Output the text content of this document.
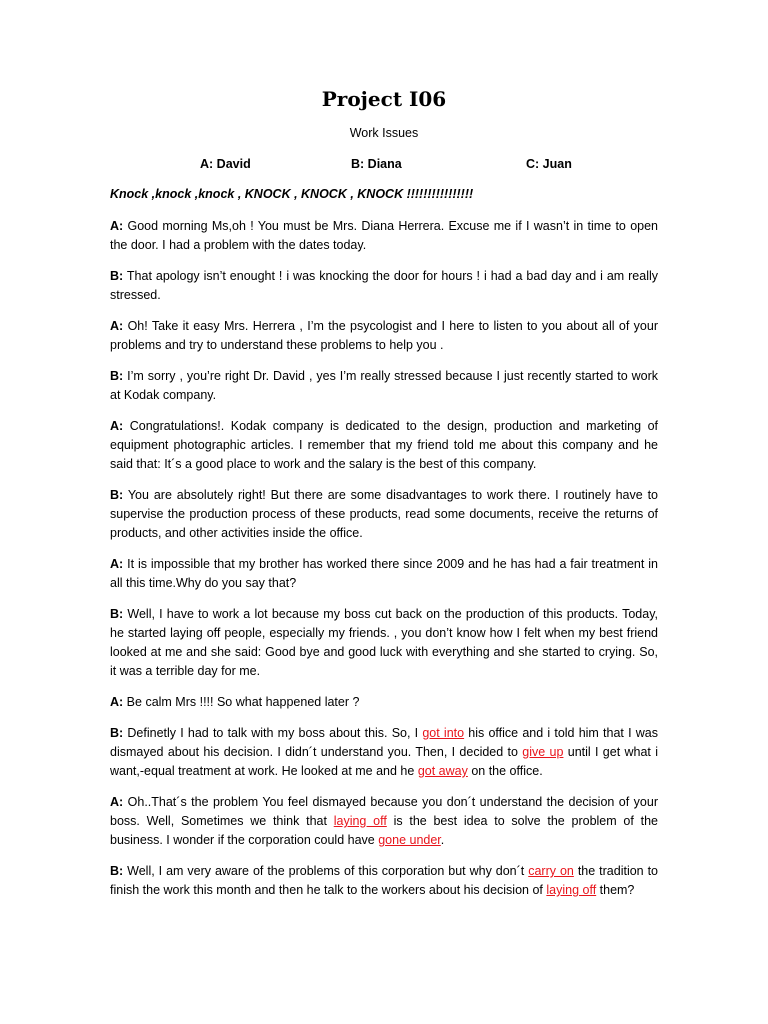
Project I06
Work Issues
A: David	B: Diana	C: Juan

Knock ,knock ,knock , KNOCK , KNOCK , KNOCK !!!!!!!!!!!!!!!!

A: Good morning Ms,oh ! You must be Mrs. Diana Herrera. Excuse me if I wasn’t in time to open the door. I had a problem with the dates today.

B: That apology isn’t enought ! i was knocking the door for hours ! i had a bad day and i am really stressed.

A: Oh! Take it easy Mrs. Herrera , I’m the psycologist and I here to listen to you about all of your problems and try to understand these problems to help you .

B: I’m sorry , you’re right Dr. David , yes I’m really stressed because I just recently started to work at Kodak company.

A: Congratulations!. Kodak company is dedicated to the design, production and marketing of equipment photographic articles. I remember that my friend told me about this company and he said that: It´s a good place to work and the salary is the best of this company.

B: You are absolutely right! But there are some disadvantages to work there. I routinely have to supervise the production process of these products, read some documents, receive the returns of products, and other activities inside the office.

A: It is impossible that my brother has worked there since 2009 and he has had a fair treatment in all this time.Why do you say that?

B: Well, I have to work a lot because my boss cut back on the production of this products. Today, he started laying off people, especially my friends. , you don’t know how I felt when my best friend looked at me and she said: Good bye and good luck with everything and she started to crying. So, it was a terrible day for me.

A: Be calm Mrs !!!! So what happened later ?

B: Definetly I had to talk with my boss about this. So, I got into his office and i told him that I was dismayed about his decision. I didn´t understand you. Then, I decided to give up until I get what i want,-equal treatment at work. He looked at me and he got away on the office.

A: Oh..That´s the problem You feel dismayed because you don´t understand the decision of your boss. Well, Sometimes we think that laying off is the best idea to solve the problem of the business. I wonder if the corporation could have gone under.

B: Well, I am very aware of the problems of this corporation but why don´t carry on the tradition to finish the work this month and then he talk to the workers about his decision of laying off them?
